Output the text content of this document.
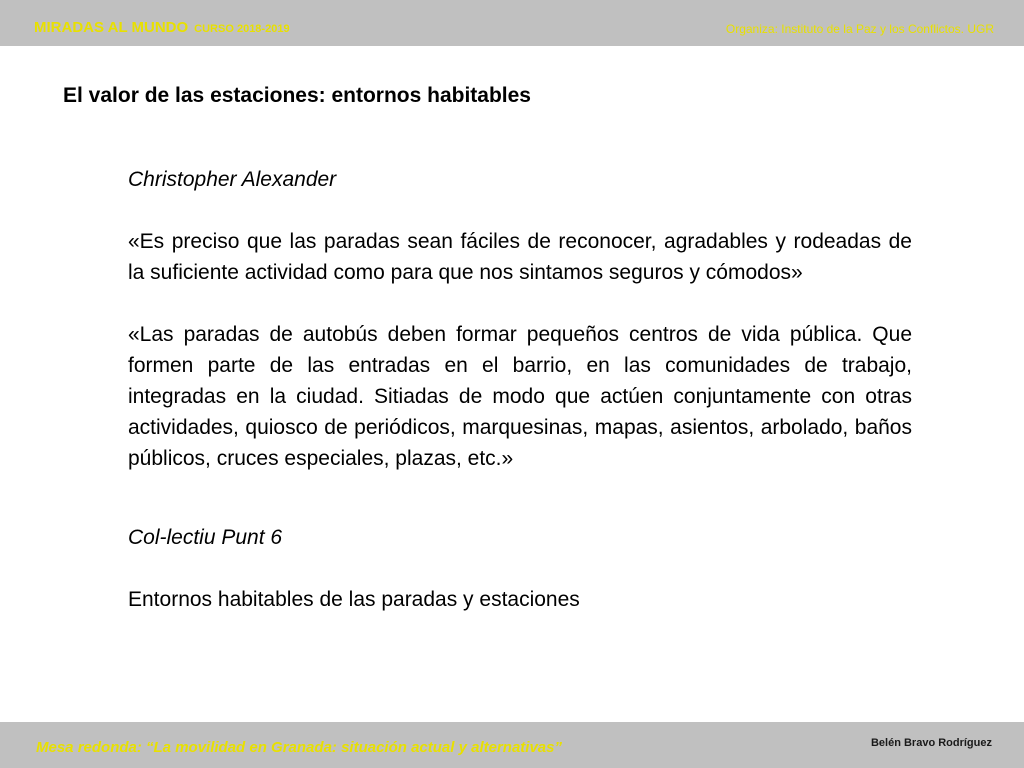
MIRADAS AL MUNDO CURSO 2018-2019	Organiza: Instituto de la Paz y los Conflictos. UGR
El valor de las estaciones: entornos habitables

Christopher Alexander

«Es preciso que las paradas sean fáciles de reconocer, agradables y rodeadas de la suficiente actividad como para que nos sintamos seguros y cómodos»

«Las paradas de autobús deben formar pequeños centros de vida pública. Que formen parte de las entradas en el barrio, en las comunidades de trabajo, integradas en la ciudad. Sitiadas de modo que actúen conjuntamente con otras actividades, quiosco de periódicos, marquesinas, mapas, asientos, arbolado, baños públicos, cruces especiales, plazas, etc.»

Col-lectiu Punt 6

Entornos habitables de las paradas y estaciones

Mesa redonda: “La movilidad en Granada: situación actual y alternativas”	Belén Bravo Rodríguez
